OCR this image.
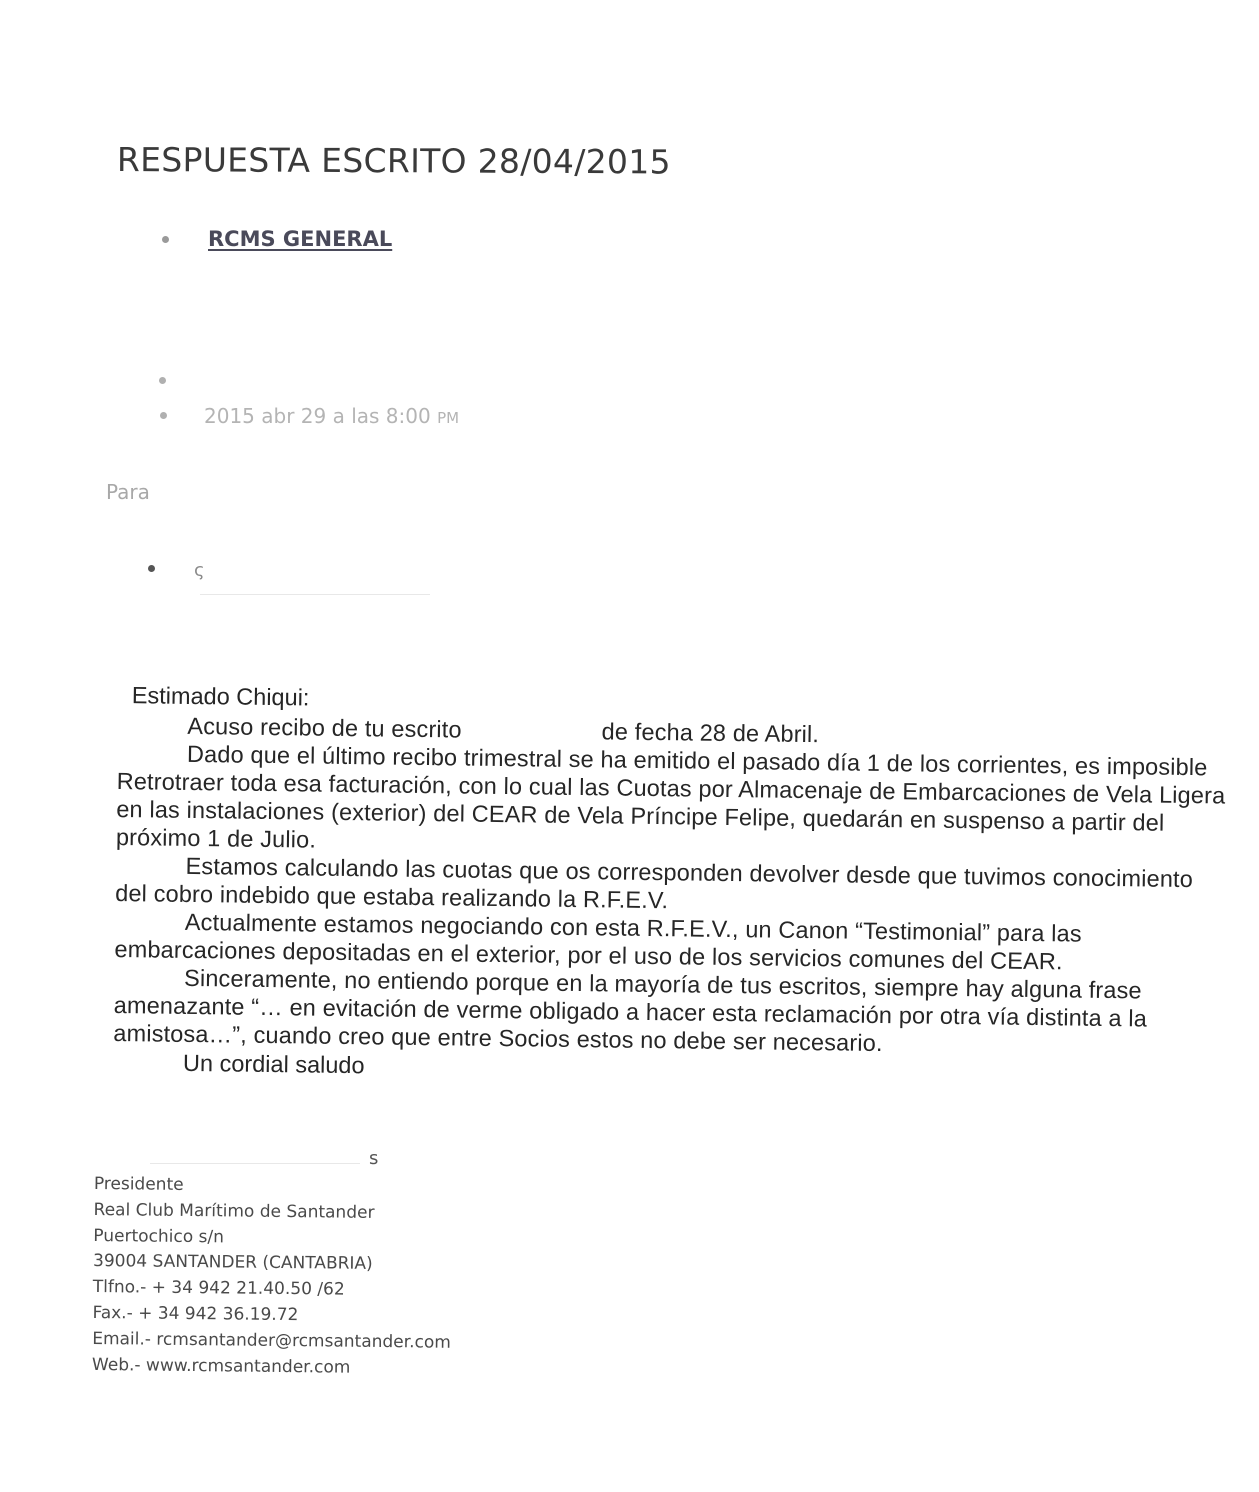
RESPUESTA ESCRITO 28/04/2015
RCMS GENERAL
2015 abr 29 a las 8:00 PM
Para
ς
Estimado Chiqui:

Acuso recibo de tu escrito	de fecha 28 de Abril.

Dado que el último recibo trimestral se ha emitido el pasado día 1 de los corrientes, es imposible Retrotraer toda esa facturación, con lo cual las Cuotas por Almacenaje de Embarcaciones de Vela Ligera en las instalaciones (exterior) del CEAR de Vela Príncipe Felipe, quedarán en suspenso a partir del próximo 1 de Julio.

Estamos calculando las cuotas que os corresponden devolver desde que tuvimos conocimiento del cobro indebido que estaba realizando la R.F.E.V.

Actualmente estamos negociando con esta R.F.E.V., un Canon “Testimonial” para las embarcaciones depositadas en el exterior, por el uso de los servicios comunes del CEAR.

Sinceramente, no entiendo porque en la mayoría de tus escritos, siempre hay alguna frase amenazante “… en evitación de verme obligado a hacer esta reclamación por otra vía distinta a la amistosa…”, cuando creo que entre Socios estos no debe ser necesario.

Un cordial saludo

s
Presidente
Real Club Marítimo de Santander
Puertochico s/n
39004 SANTANDER (CANTABRIA)
Tlfno.- + 34 942 21.40.50 /62
Fax.- + 34 942 36.19.72
Email.- rcmsantander@rcmsantander.com
Web.- www.rcmsantander.com
